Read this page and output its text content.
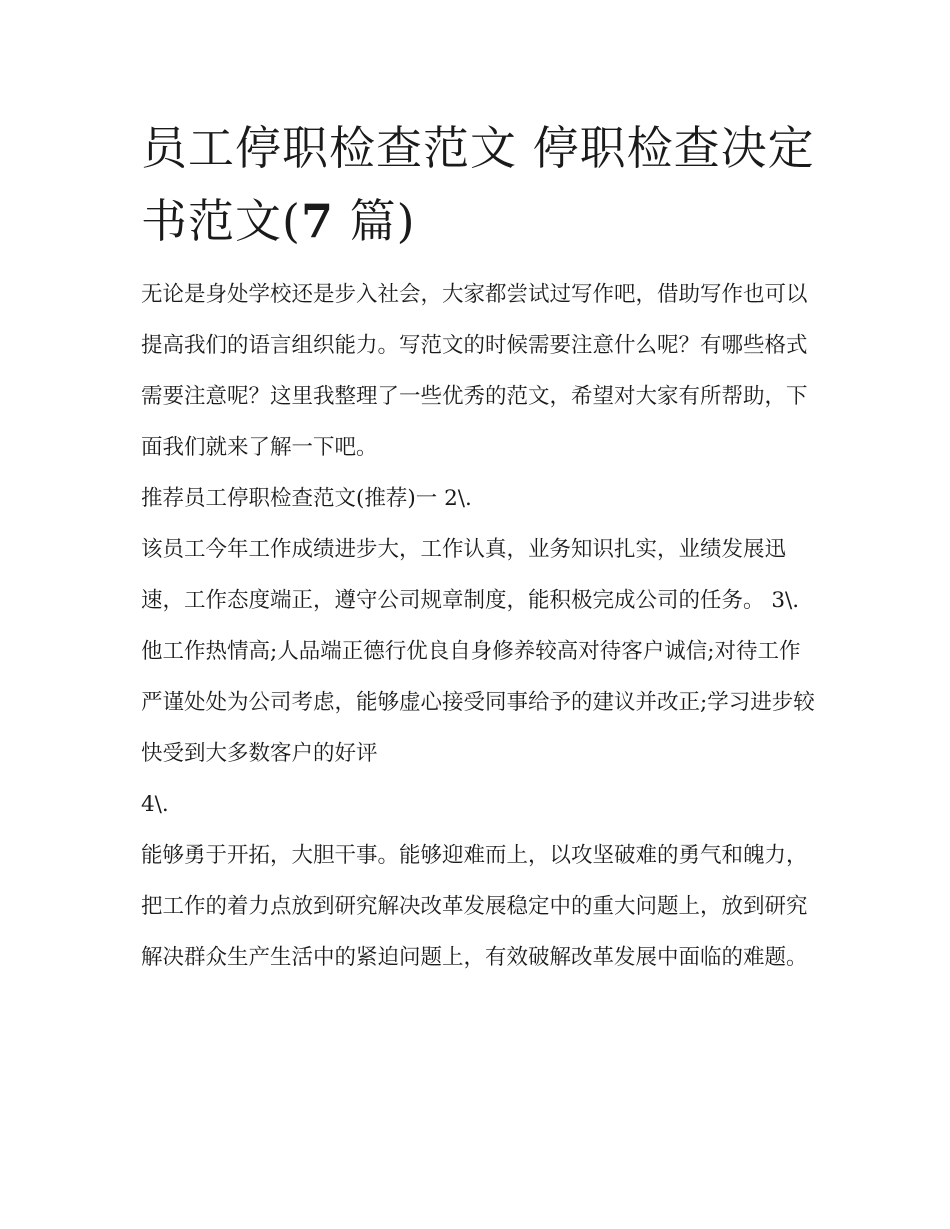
员工停职检查范文 停职检查决定书范文(7 篇)

无论是身处学校还是步入社会，大家都尝试过写作吧，借助写作也可以提高我们的语言组织能力。写范文的时候需要注意什么呢？有哪些格式需要注意呢？这里我整理了一些优秀的范文，希望对大家有所帮助，下面我们就来了解一下吧。

推荐员工停职检查范文(推荐)一 2\.

该员工今年工作成绩进步大，工作认真，业务知识扎实，业绩发展迅速，工作态度端正，遵守公司规章制度，能积极完成公司的任务。 3\.

他工作热情高;人品端正德行优良自身修养较高对待客户诚信;对待工作严谨处处为公司考虑，能够虚心接受同事给予的建议并改正;学习进步较快受到大多数客户的好评

4\.

能够勇于开拓，大胆干事。能够迎难而上，以攻坚破难的勇气和魄力，把工作的着力点放到研究解决改革发展稳定中的重大问题上，放到研究解决群众生产生活中的紧迫问题上，有效破解改革发展中面临的难题。
